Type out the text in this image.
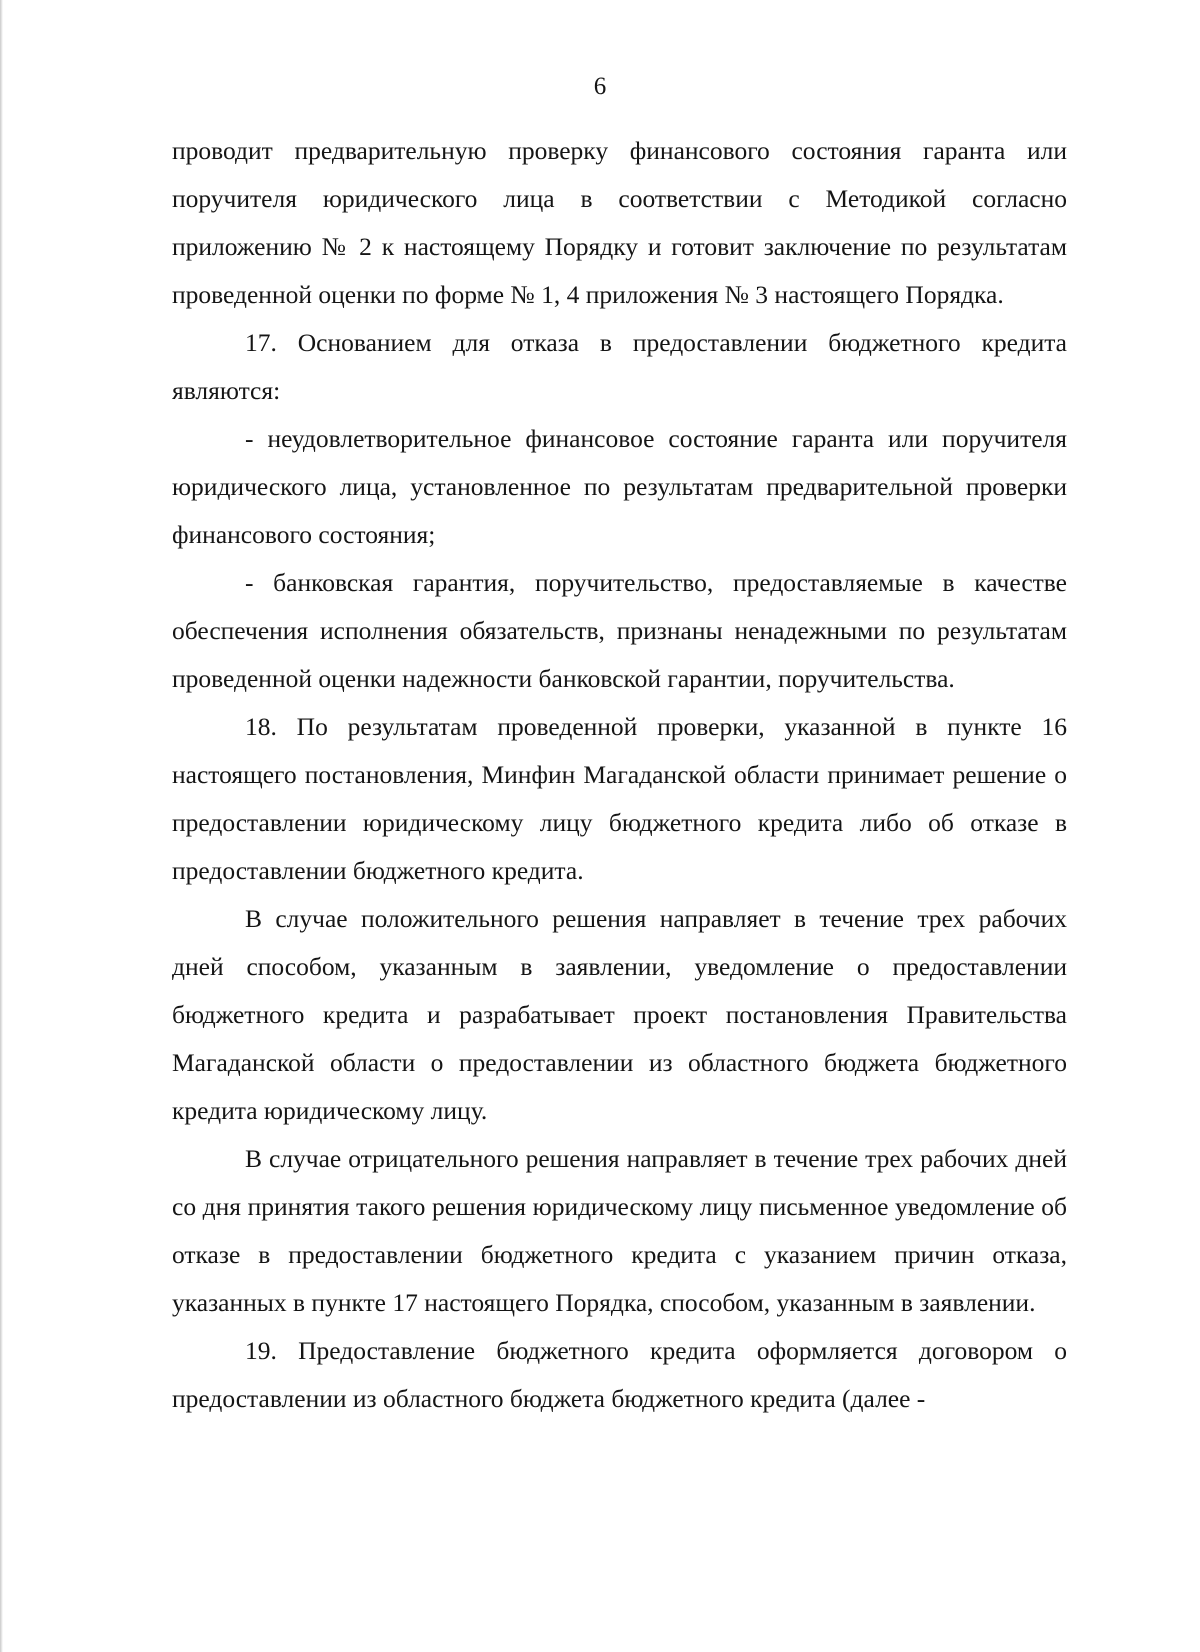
6

проводит предварительную проверку финансового состояния гаранта или поручителя юридического лица в соответствии с Методикой согласно приложению № 2 к настоящему Порядку и готовит заключение по результатам проведенной оценки по форме № 1, 4 приложения № 3 настоящего Порядка.

17. Основанием для отказа в предоставлении бюджетного кредита являются:

- неудовлетворительное финансовое состояние гаранта или поручителя юридического лица, установленное по результатам предварительной проверки финансового состояния;

- банковская гарантия, поручительство, предоставляемые в качестве обеспечения исполнения обязательств, признаны ненадежными по результатам проведенной оценки надежности банковской гарантии, поручительства.

18. По результатам проведенной проверки, указанной в пункте 16 настоящего постановления, Минфин Магаданской области принимает решение о предоставлении юридическому лицу бюджетного кредита либо об отказе в предоставлении бюджетного кредита.

В случае положительного решения направляет в течение трех рабочих дней способом, указанным в заявлении, уведомление о предоставлении бюджетного кредита и разрабатывает проект постановления Правительства Магаданской области о предоставлении из областного бюджета бюджетного кредита юридическому лицу.

В случае отрицательного решения направляет в течение трех рабочих дней со дня принятия такого решения юридическому лицу письменное уведомление об отказе в предоставлении бюджетного кредита с указанием причин отказа, указанных в пункте 17 настоящего Порядка, способом, указанным в заявлении.

19. Предоставление бюджетного кредита оформляется договором о предоставлении из областного бюджета бюджетного кредита (далее -
